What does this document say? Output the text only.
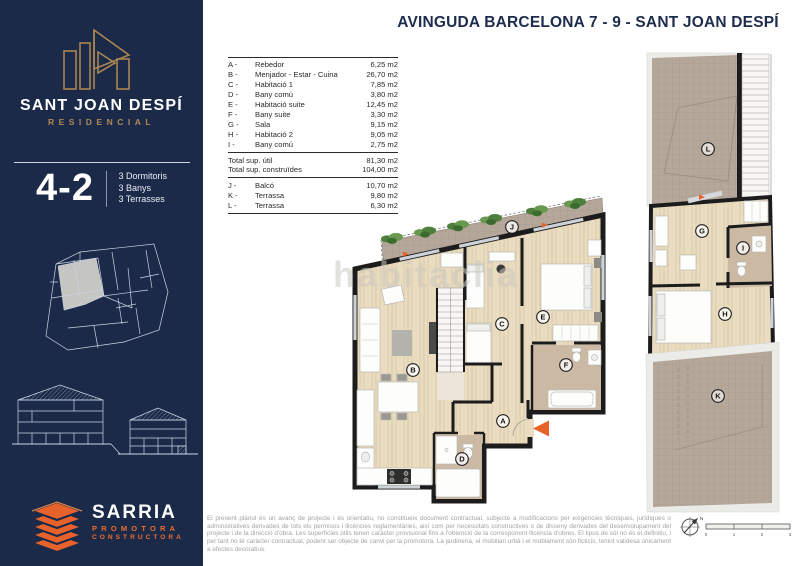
SANT JOAN DESPÍ
RESIDENCIAL
4-2	3 Dormitoris
3 Banys
3 Terrasses
SARRIA
PROMOTORA
CONSTRUCTORA
AVINGUDA BARCELONA 7 - 9 - SANT JOAN DESPÍ
A -	Rebedor	6,25 m2
B -	Menjador - Estar - Cuina	26,70 m2
C -	Habitació 1	7,85 m2
D -	Bany comú	3,80 m2
E -	Habitació suite	12,45 m2
F -	Bany suite	3,30 m2
G -	Sala	9,15 m2
H -	Habitació 2	9,05 m2
I -	Bany comú	2,75 m2
Total sup. útil	81,30 m2
Total sup. construïdes	104,00 m2
J -	Balcó	10,70 m2
K -	Terrassa	9,80 m2
L -	Terrassa	6,30 m2
J
B
C
E
F
A
D
L
G
I
H
K
habitaclia
El present plànol és un avanç de projecte i és orientatiu, no constitueix document contractual, subjecte a modificacions per exigències tècniques, jurídiques o administratives derivades de tots els permisos i llicències reglamentàries, així com per necessitats constructives o de disseny derivades del desenvolupament del projecte i de la direcció d'obra. Les superfícies útils tenen caràcter provisional fins a l'obtenció de la corresponent llicència d'obres. El tipus de sòl no és el definitiu, i per tant no té caràcter contractual, podent ser objecte de canvi per la promotora. La jardineria, el mobiliari urbà i el moblament són ficticis, tenint validesa únicament a efectes decoratius.
N
0	1	2	3
